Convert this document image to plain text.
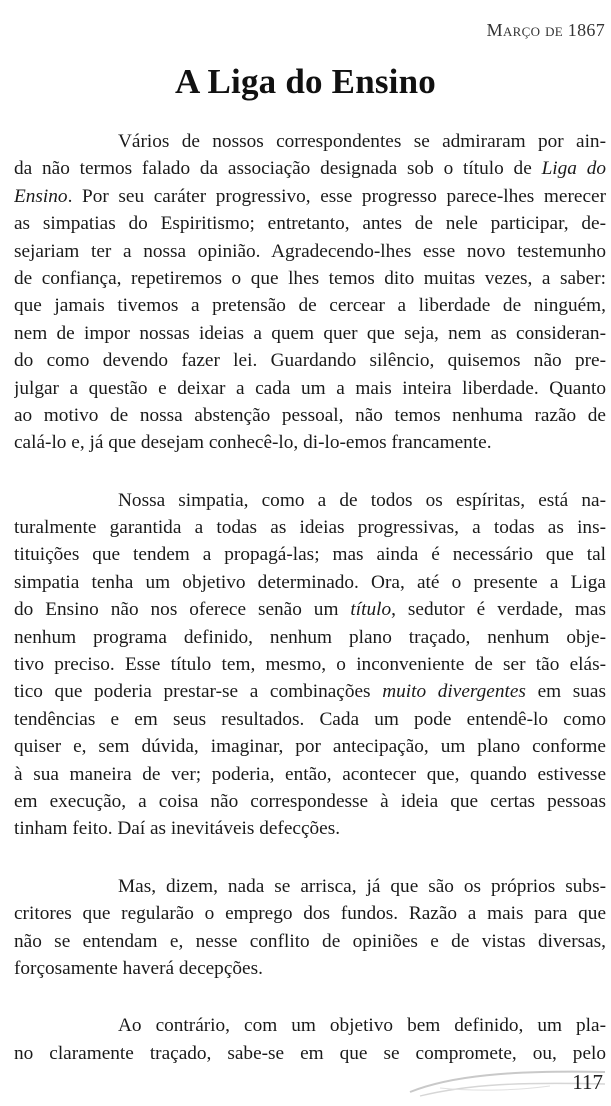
Março de 1867
A Liga do Ensino

Vários de nossos correspondentes se admiraram por ain-
da não termos falado da associação designada sob o título de Liga do
Ensino. Por seu caráter progressivo, esse progresso parece-lhes merecer
as simpatias do Espiritismo; entretanto, antes de nele participar, de-
sejariam ter a nossa opinião. Agradecendo-lhes esse novo testemunho
de confiança, repetiremos o que lhes temos dito muitas vezes, a saber:
que jamais tivemos a pretensão de cercear a liberdade de ninguém,
nem de impor nossas ideias a quem quer que seja, nem as consideran-
do como devendo fazer lei. Guardando silêncio, quisemos não pre-
julgar a questão e deixar a cada um a mais inteira liberdade. Quanto
ao motivo de nossa abstenção pessoal, não temos nenhuma razão de
calá-lo e, já que desejam conhecê-lo, di-lo-emos francamente.

Nossa simpatia, como a de todos os espíritas, está na-
turalmente garantida a todas as ideias progressivas, a todas as ins-
tituições que tendem a propagá-las; mas ainda é necessário que tal
simpatia tenha um objetivo determinado. Ora, até o presente a Liga
do Ensino não nos oferece senão um título, sedutor é verdade, mas
nenhum programa definido, nenhum plano traçado, nenhum obje-
tivo preciso. Esse título tem, mesmo, o inconveniente de ser tão elás-
tico que poderia prestar-se a combinações muito divergentes em suas
tendências e em seus resultados. Cada um pode entendê-lo como
quiser e, sem dúvida, imaginar, por antecipação, um plano conforme
à sua maneira de ver; poderia, então, acontecer que, quando estivesse
em execução, a coisa não correspondesse à ideia que certas pessoas
tinham feito. Daí as inevitáveis defecções.

Mas, dizem, nada se arrisca, já que são os próprios subs-
critores que regularão o emprego dos fundos. Razão a mais para que
não se entendam e, nesse conflito de opiniões e de vistas diversas,
forçosamente haverá decepções.

Ao contrário, com um objetivo bem definido, um pla-
no claramente traçado, sabe-se em que se compromete, ou, pelo

117
